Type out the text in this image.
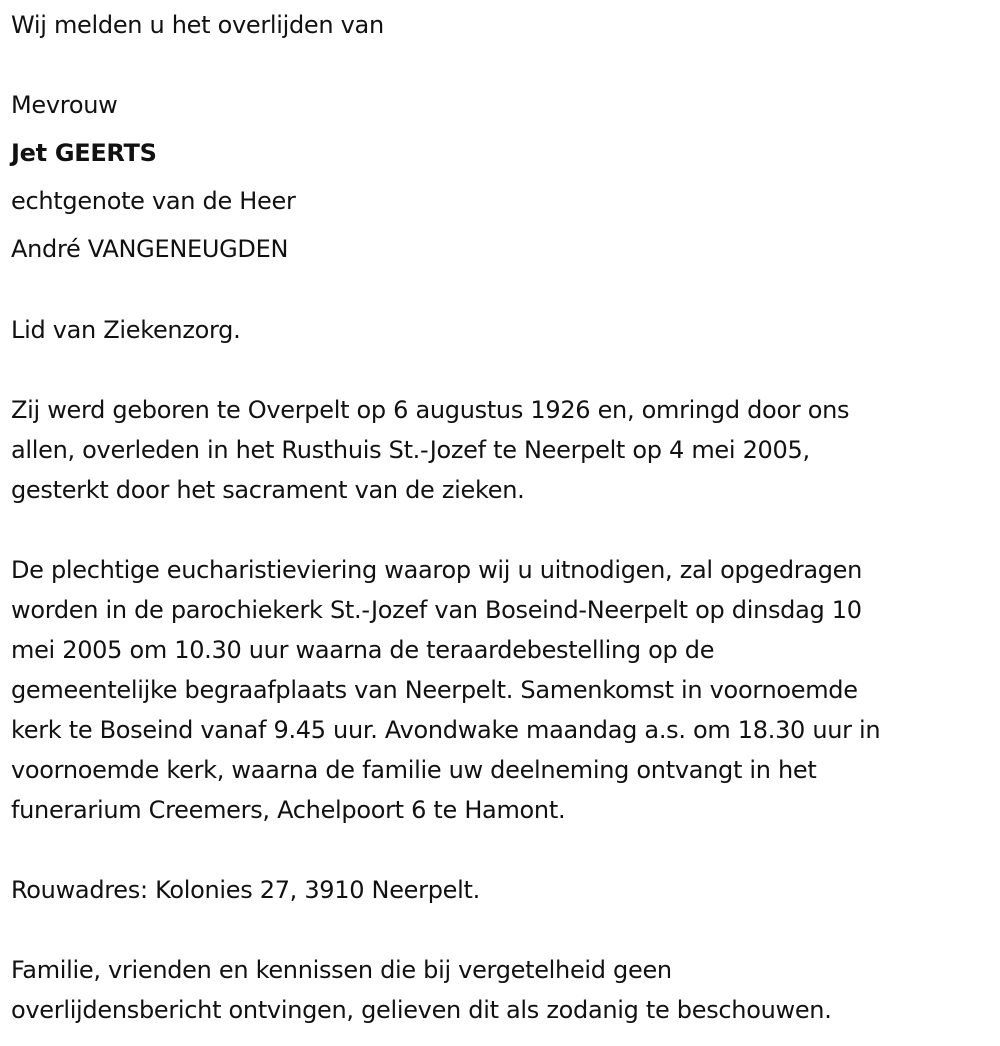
Wij melden u het overlijden van
Mevrouw
Jet GEERTS
echtgenote van de Heer
André VANGENEUGDEN
Lid van Ziekenzorg.
Zij werd geboren te Overpelt op 6 augustus 1926 en, omringd door ons
allen, overleden in het Rusthuis St.-Jozef te Neerpelt op 4 mei 2005,
gesterkt door het sacrament van de zieken.
De plechtige eucharistieviering waarop wij u uitnodigen, zal opgedragen
worden in de parochiekerk St.-Jozef van Boseind-Neerpelt op dinsdag 10
mei 2005 om 10.30 uur waarna de teraardebestelling op de
gemeentelijke begraafplaats van Neerpelt. Samenkomst in voornoemde
kerk te Boseind vanaf 9.45 uur. Avondwake maandag a.s. om 18.30 uur in
voornoemde kerk, waarna de familie uw deelneming ontvangt in het
funerarium Creemers, Achelpoort 6 te Hamont.
Rouwadres: Kolonies 27, 3910 Neerpelt.
Familie, vrienden en kennissen die bij vergetelheid geen
overlijdensbericht ontvingen, gelieven dit als zodanig te beschouwen.
